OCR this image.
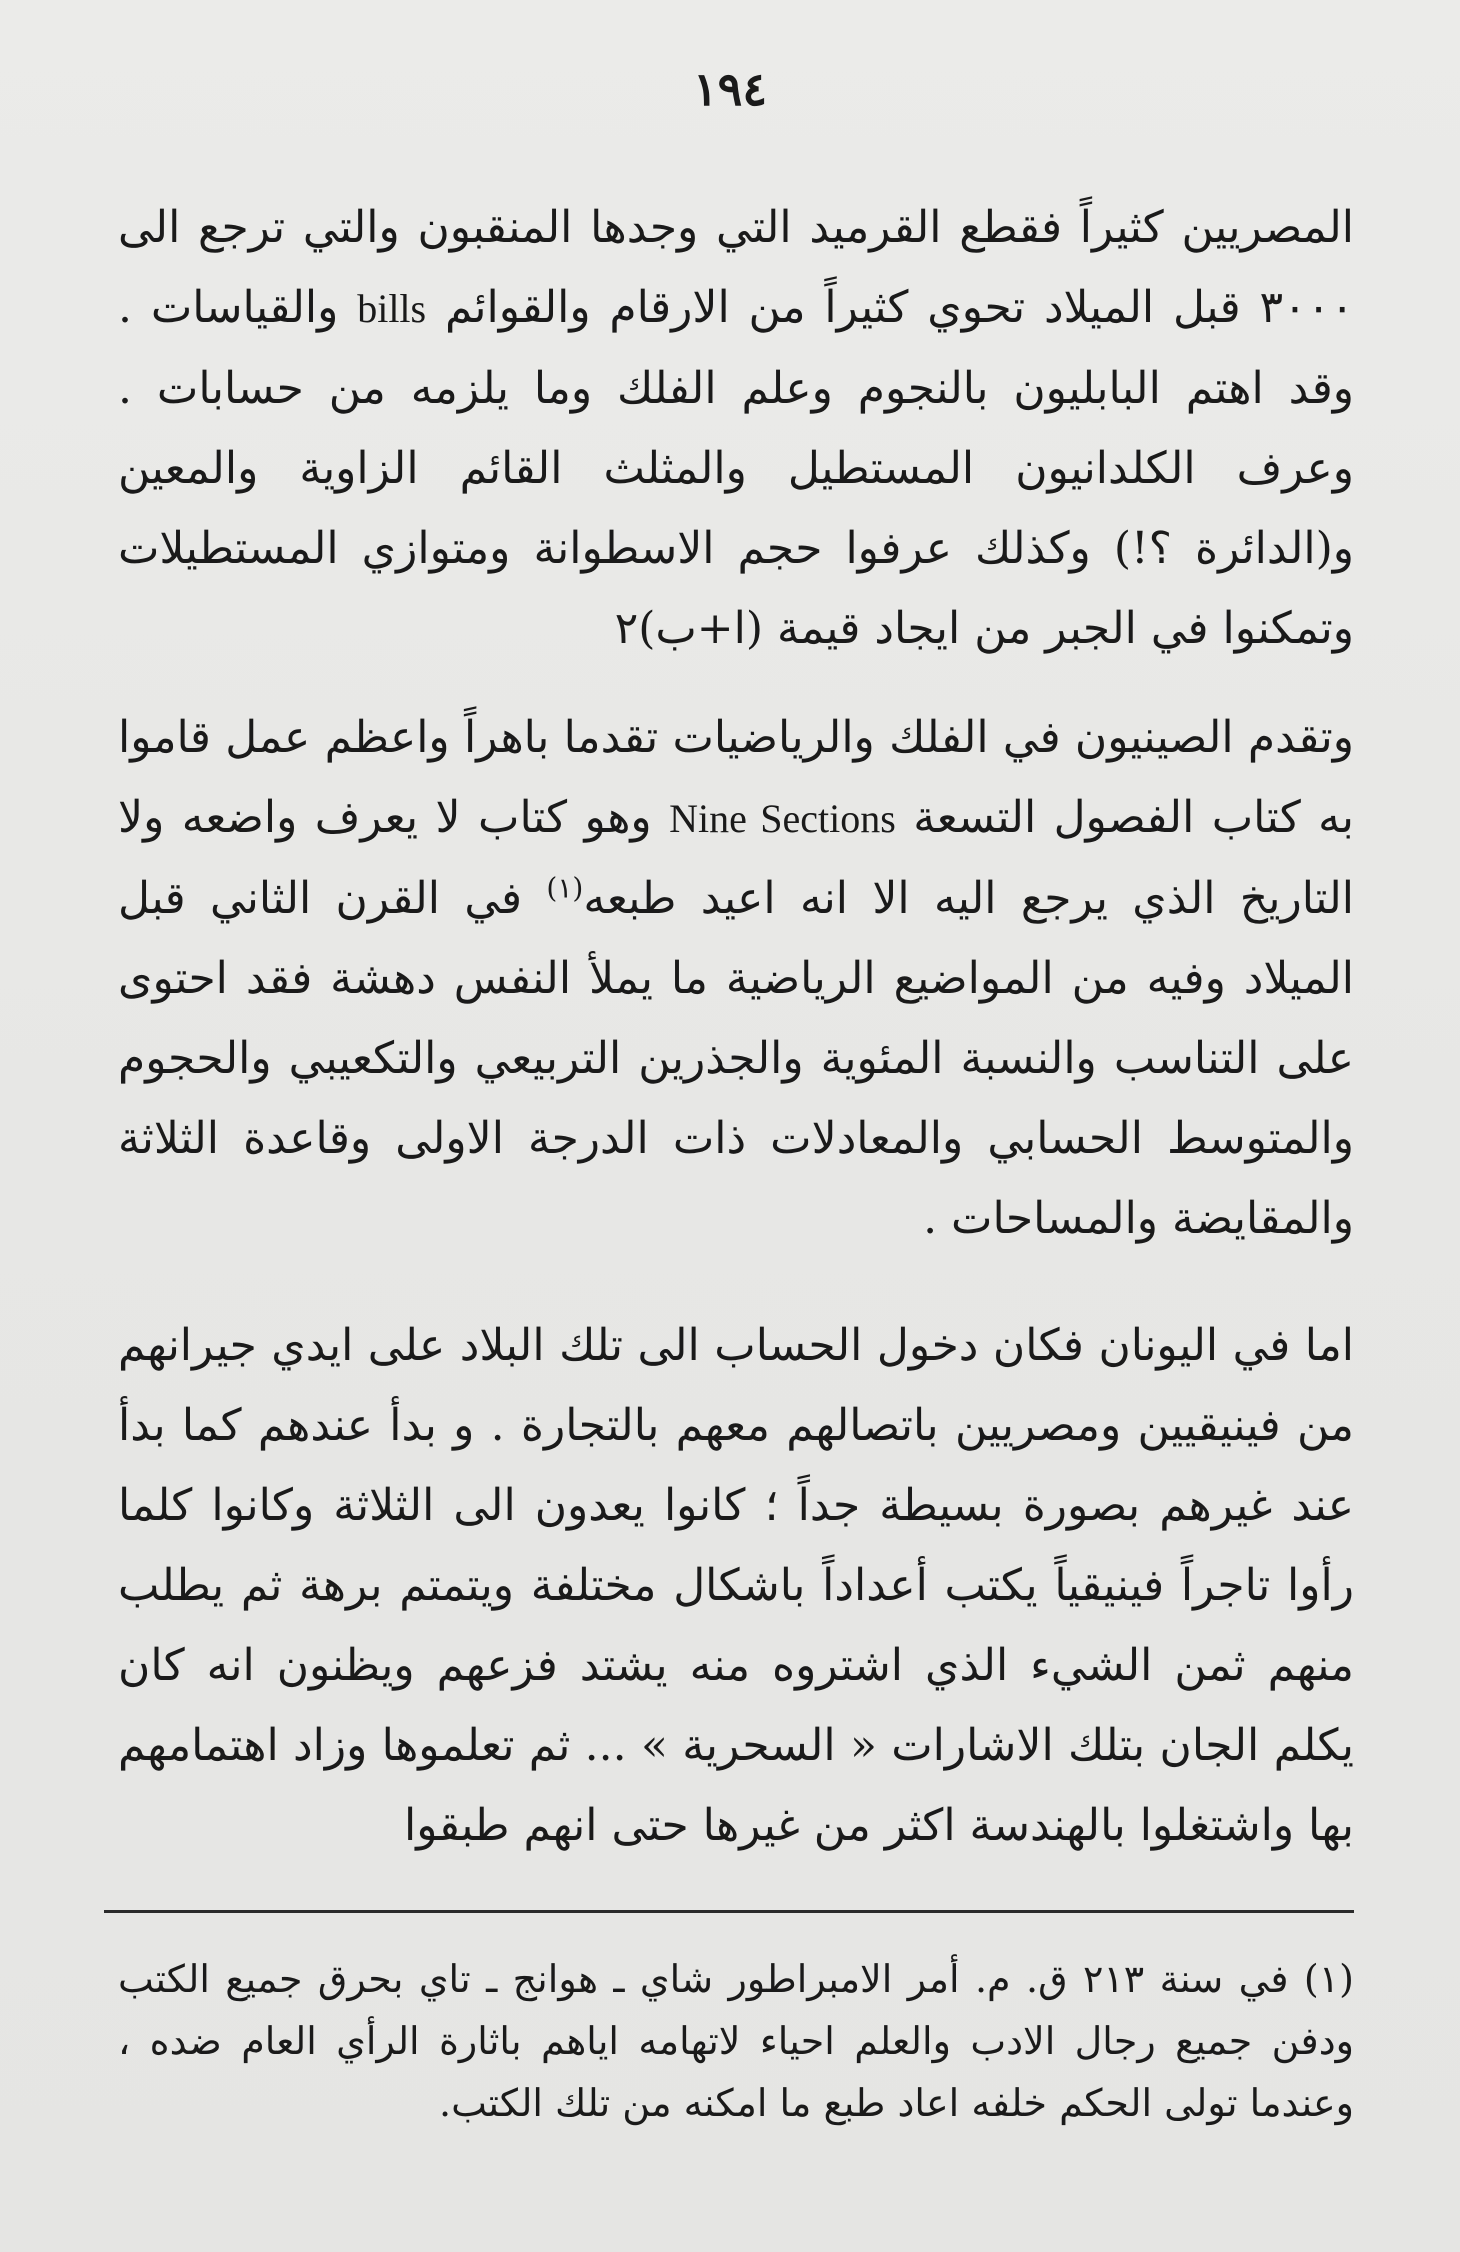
١٩٤

المصريين كثيراً فقطع القرميد التي وجدها المنقبون والتي ترجع الى ٣٠٠٠ قبل الميلاد تحوي كثيراً من الارقام والقوائم bills والقياسات . وقد اهتم البابليون بالنجوم وعلم الفلك وما يلزمه من حسابات . وعرف الكلدانيون المستطيل والمثلث القائم الزاوية والمعين و(الدائرة ؟!) وكذلك عرفوا حجم الاسطوانة ومتوازي المستطيلات وتمكنوا في الجبر من ايجاد قيمة (ا+ب)٢

وتقدم الصينيون في الفلك والرياضيات تقدما باهراً واعظم عمل قاموا به كتاب الفصول التسعة Nine Sections وهو كتاب لا يعرف واضعه ولا التاريخ الذي يرجع اليه الا انه اعيد طبعه$^{(١)}$ في القرن الثاني قبل الميلاد وفيه من المواضيع الرياضية ما يملأ النفس دهشة فقد احتوى على التناسب والنسبة المئوية والجذرين التربيعي والتكعيبي والحجوم والمتوسط الحسابي والمعادلات ذات الدرجة الاولى وقاعدة الثلاثة والمقايضة والمساحات .

اما في اليونان فكان دخول الحساب الى تلك البلاد على ايدي جيرانهم من فينيقيين ومصريين باتصالهم معهم بالتجارة . و بدأ عندهم كما بدأ عند غيرهم بصورة بسيطة جداً ؛ كانوا يعدون الى الثلاثة وكانوا كلما رأوا تاجراً فينيقياً يكتب أعداداً باشكال مختلفة ويتمتم برهة ثم يطلب منهم ثمن الشيء الذي اشتروه منه يشتد فزعهم ويظنون انه كان يكلم الجان بتلك الاشارات « السحرية » ... ثم تعلموها وزاد اهتمامهم بها واشتغلوا بالهندسة اكثر من غيرها حتى انهم طبقوا

(١) في سنة ٢١٣ ق. م. أمر الامبراطور شاي ـ هوانج ـ تاي بحرق جميع الكتب ودفن جميع رجال الادب والعلم احياء لاتهامه اياهم باثارة الرأي العام ضده ، وعندما تولى الحكم خلفه اعاد طبع ما امكنه من تلك الكتب.
